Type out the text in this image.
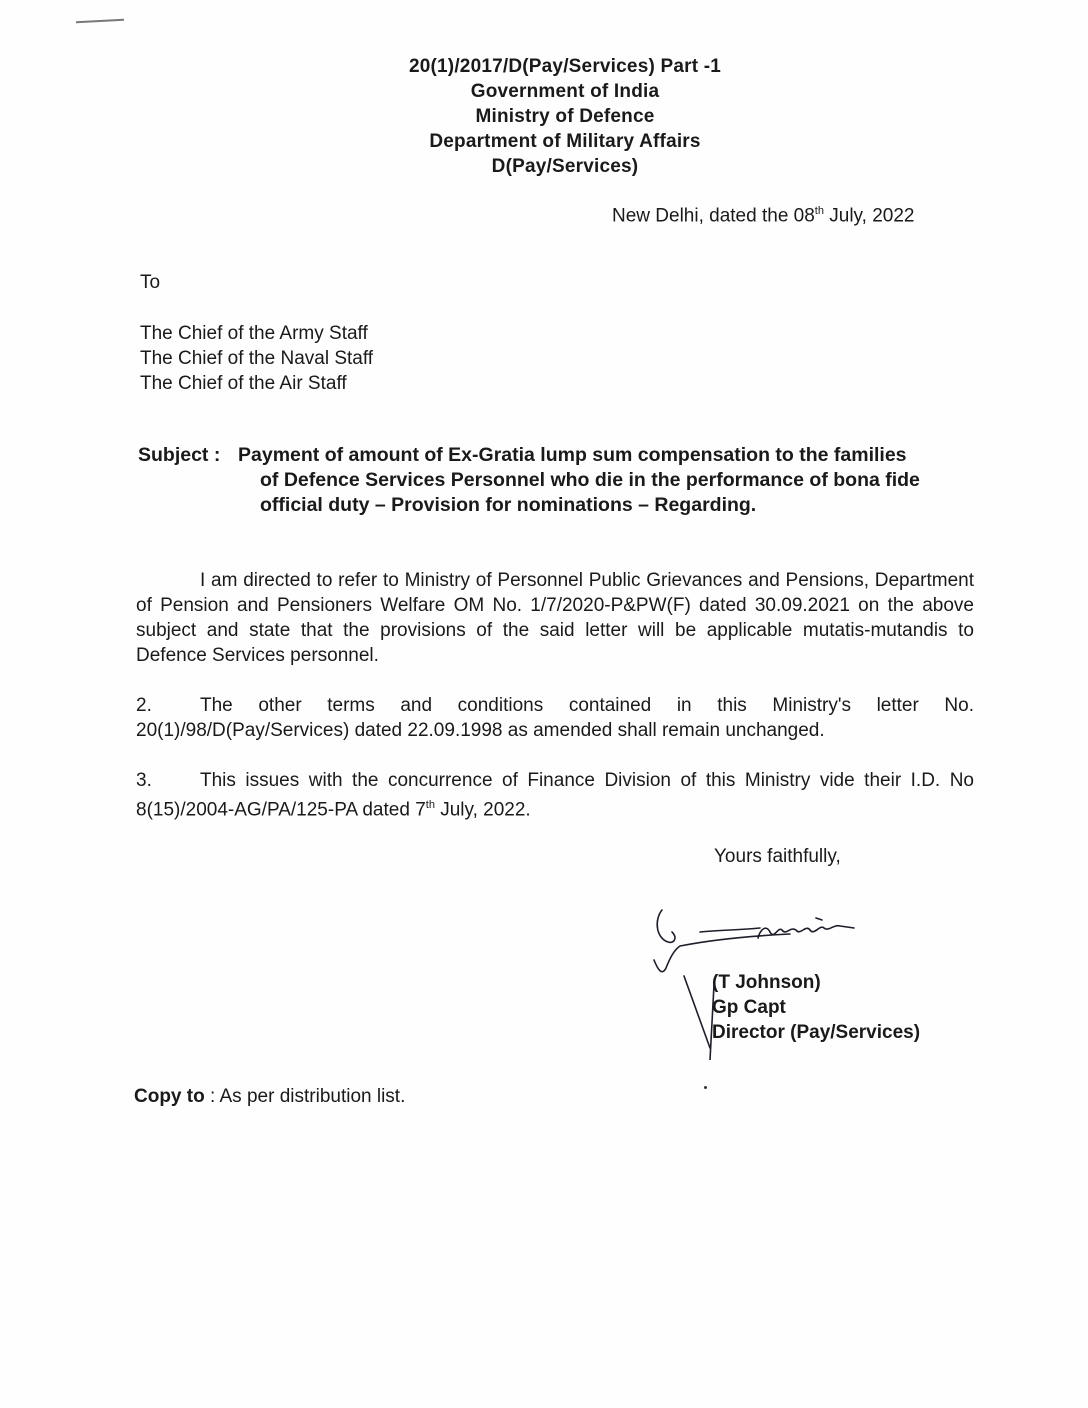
20(1)/2017/D(Pay/Services) Part -1
Government of India
Ministry of Defence
Department of Military Affairs
D(Pay/Services)
New Delhi, dated the 08th July, 2022
To
The Chief of the Army Staff
The Chief of the Naval Staff
The Chief of the Air Staff
Subject : Payment of amount of Ex-Gratia lump sum compensation to the families
of Defence Services Personnel who die in the performance of bona fide
official duty – Provision for nominations – Regarding.
I am directed to refer to Ministry of Personnel Public Grievances and Pensions, Department of Pension and Pensioners Welfare OM No. 1/7/2020-P&PW(F) dated 30.09.2021 on the above subject and state that the provisions of the said letter will be applicable mutatis-mutandis to Defence Services personnel.
2.	The other terms and conditions contained in this Ministry's letter No. 20(1)/98/D(Pay/Services) dated 22.09.1998 as amended shall remain unchanged.
3.	This issues with the concurrence of Finance Division of this Ministry vide their I.D. No 8(15)/2004-AG/PA/125-PA dated 7th July, 2022.
Yours faithfully,
(T Johnson)
Gp Capt
Director (Pay/Services)
Copy to : As per distribution list.
